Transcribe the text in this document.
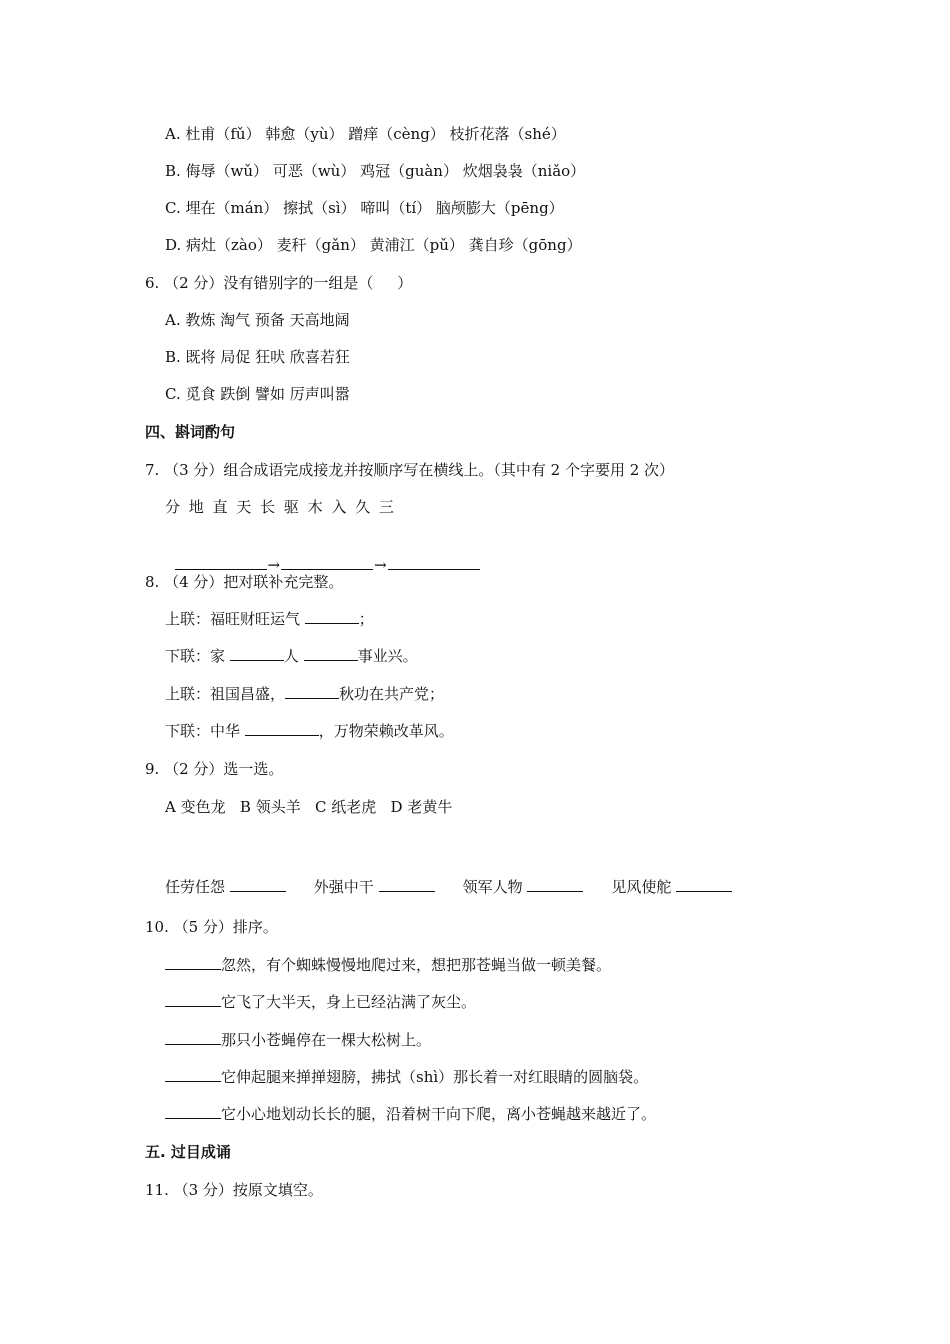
A. 杜甫（fǔ） 韩愈（yù） 蹭痒（cèng） 枝折花落（shé）
B. 侮辱（wǔ） 可恶（wù） 鸡冠（guàn） 炊烟袅袅（niǎo）
C. 埋在（mán） 擦拭（sì） 啼叫（tí） 脑颅膨大（pēng）
D. 病灶（zào） 麦秆（gǎn） 黄浦江（pǔ） 龚自珍（gōng）
6. （2 分）没有错别字的一组是（     ）
A. 教炼 淘气 预备 天高地阔
B. 既将 局促 狂吠 欣喜若狂
C. 觅食 跌倒 譬如 厉声叫嚣
四、斟词酌句
7. （3 分）组合成语完成接龙并按顺序写在横线上。（其中有 2 个字要用 2 次）
分 地 直 天 长 驱 木 入 久 三

→	→

8. （4 分）把对联补充完整。
上联：福旺财旺运气	；
下联：家	人	事业兴。
上联：祖国昌盛，	秋功在共产党；
下联：中华	，万物荣赖改革风。
9. （2 分）选一选。
A 变色龙   B 领头羊   C 纸老虎   D 老黄牛
任劳任怨	外强中干	领军人物	见风使舵
10. （5 分）排序。
忽然，有个蜘蛛慢慢地爬过来，想把那苍蝇当做一顿美餐。
它飞了大半天，身上已经沾满了灰尘。
那只小苍蝇停在一棵大松树上。
它伸起腿来掸掸翅膀，拂拭（shì）那长着一对红眼睛的圆脑袋。
它小心地划动长长的腿，沿着树干向下爬，离小苍蝇越来越近了。
五. 过目成诵
11. （3 分）按原文填空。
